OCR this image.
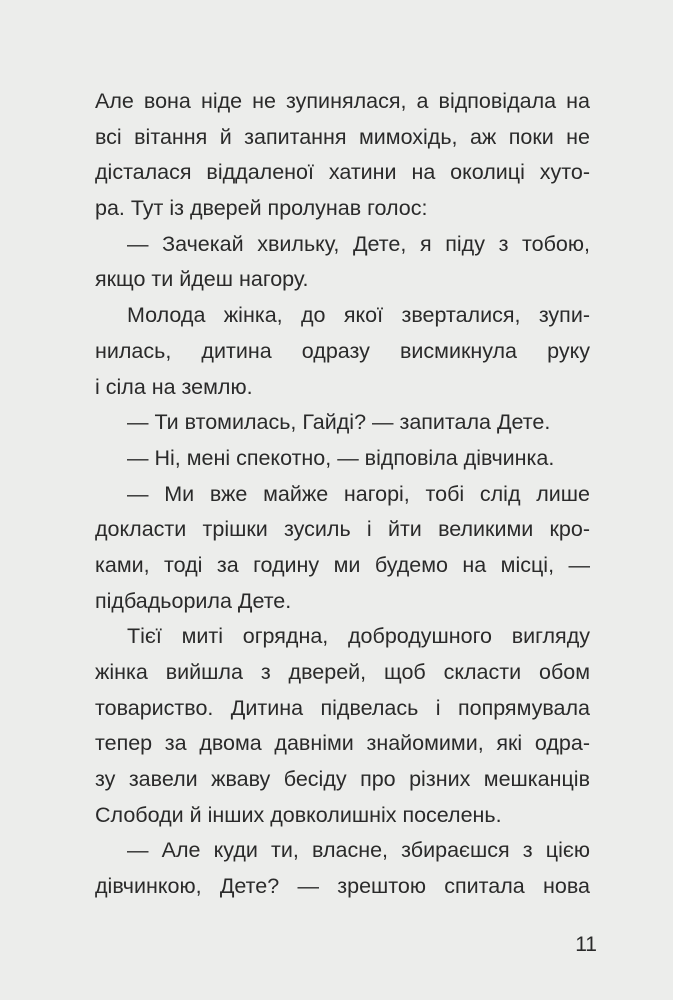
Але вона ніде не зупинялася, а відповідала на
всі вітання й запитання мимохідь, аж поки не
дісталася віддаленої хатини на околиці хуто-
ра. Тут із дверей пролунав голос:
— Зачекай хвильку, Дете, я піду з тобою,
якщо ти йдеш нагору.
Молода жінка, до якої зверталися, зупи-
нилась, дитина одразу висмикнула руку
і сіла на землю.
— Ти втомилась, Гайді? — запитала Дете.
— Ні, мені спекотно, — відповіла дівчинка.
— Ми вже майже нагорі, тобі слід лише
докласти трішки зусиль і йти великими кро-
ками, тоді за годину ми будемо на місці, —
підбадьорила Дете.
Тієї миті огрядна, добродушного вигляду
жінка вийшла з дверей, щоб скласти обом
товариство. Дитина підвелась і попрямувала
тепер за двома давніми знайомими, які одра-
зу завели жваву бесіду про різних мешканців
Слободи й інших довколишніх поселень.
— Але куди ти, власне, збираєшся з цією
дівчинкою, Дете? — зрештою спитала нова
11
